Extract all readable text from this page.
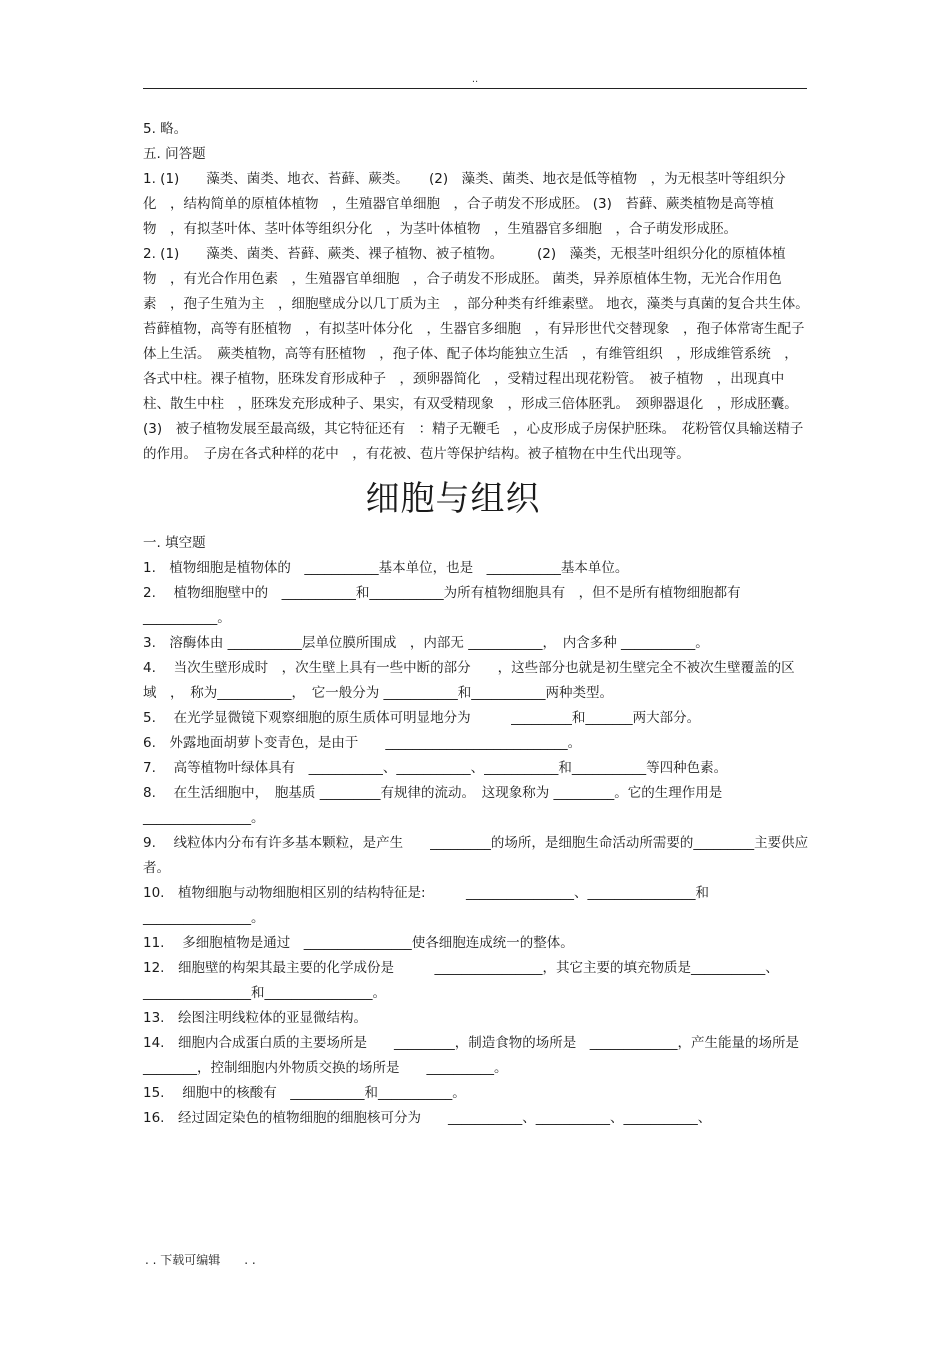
..

5. 略。

五. 问答题

1. (1)　　藻类、菌类、地衣、苔藓、蕨类。　　(2)　藻类、菌类、地衣是低等植物　，为无根茎叶等组织分化　，结构简单的原植体植物　，生殖器官单细胞　，合子萌发不形成胚。 (3)　苔藓、蕨类植物是高等植物　，有拟茎叶体、茎叶体等组织分化　，为茎叶体植物　，生殖器官多细胞　，合子萌发形成胚。

2. (1)　　藻类、菌类、苔藓、蕨类、裸子植物、被子植物。　　　(2)　藻类，无根茎叶组织分化的原植体植物　，有光合作用色素　，生殖器官单细胞　，合子萌发不形成胚。 菌类，异养原植体生物，无光合作用色素　，孢子生殖为主　，细胞壁成分以几丁质为主　，部分种类有纤维素壁。 地衣，藻类与真菌的复合共生体。　苔藓植物，高等有胚植物　，有拟茎叶体分化　，生器官多细胞　，有异形世代交替现象　，孢子体常寄生配子体上生活。　蕨类植物，高等有胚植物　，孢子体、配子体均能独立生活　，有维管组织　，形成维管系统　，各式中柱。裸子植物，胚珠发育形成种子　，颈卵器简化　，受精过程出现花粉管。　被子植物　，出现真中柱、散生中柱　，胚珠发充形成种子、果实，有双受精现象　，形成三倍体胚乳。　颈卵器退化　，形成胚囊。 (3)　被子植物发展至最高级，其它特征还有　：精子无鞭毛　，心皮形成子房保护胚珠。　花粉管仅具输送精子的作用。　子房在各式种样的花中　，有花被、苞片等保护结构。被子植物在中生代出现等。

细胞与组织

一. 填空题

1.　植物细胞是植物体的　___________基本单位，也是　___________基本单位。

2.　 植物细胞壁中的　___________和___________为所有植物细胞具有　，但不是所有植物细胞都有 ___________。

3.　溶酶体由 ___________层单位膜所围成　，内部无 ___________，　内含多种 ___________。

4.　 当次生壁形成时　，次生壁上具有一些中断的部分　　，这些部分也就是初生壁完全不被次生壁覆盖的区域　，　称为___________，　它一般分为 ___________和___________两种类型。

5.　 在光学显微镜下观察细胞的原生质体可明显地分为　　　_________和_______两大部分。

6.　外露地面胡萝卜变青色，是由于　　___________________________。

7.　 高等植物叶绿体具有　___________、___________、___________和___________等四种色素。

8.　 在生活细胞中，　胞基质 _________有规律的流动。　这现象称为 _________。它的生理作用是________________。

9.　 线粒体内分布有许多基本颗粒，是产生　　_________的场所，是细胞生命活动所需要的_________主要供应者。

10.　植物细胞与动物细胞相区别的结构特征是:　　　________________、________________和________________。

11.　 多细胞植物是通过　________________使各细胞连成统一的整体。

12.　细胞壁的构架其最主要的化学成份是　　　________________，其它主要的填充物质是___________、________________和________________。

13.　绘图注明线粒体的亚显微结构。

14.　细胞内合成蛋白质的主要场所是　　_________，制造食物的场所是　_____________，产生能量的场所是 ________，控制细胞内外物质交换的场所是　　__________。

15.　 细胞中的核酸有　___________和___________。

16.　经过固定染色的植物细胞的细胞核可分为　　___________、___________、___________、

. . 下载可编辑　　. .
